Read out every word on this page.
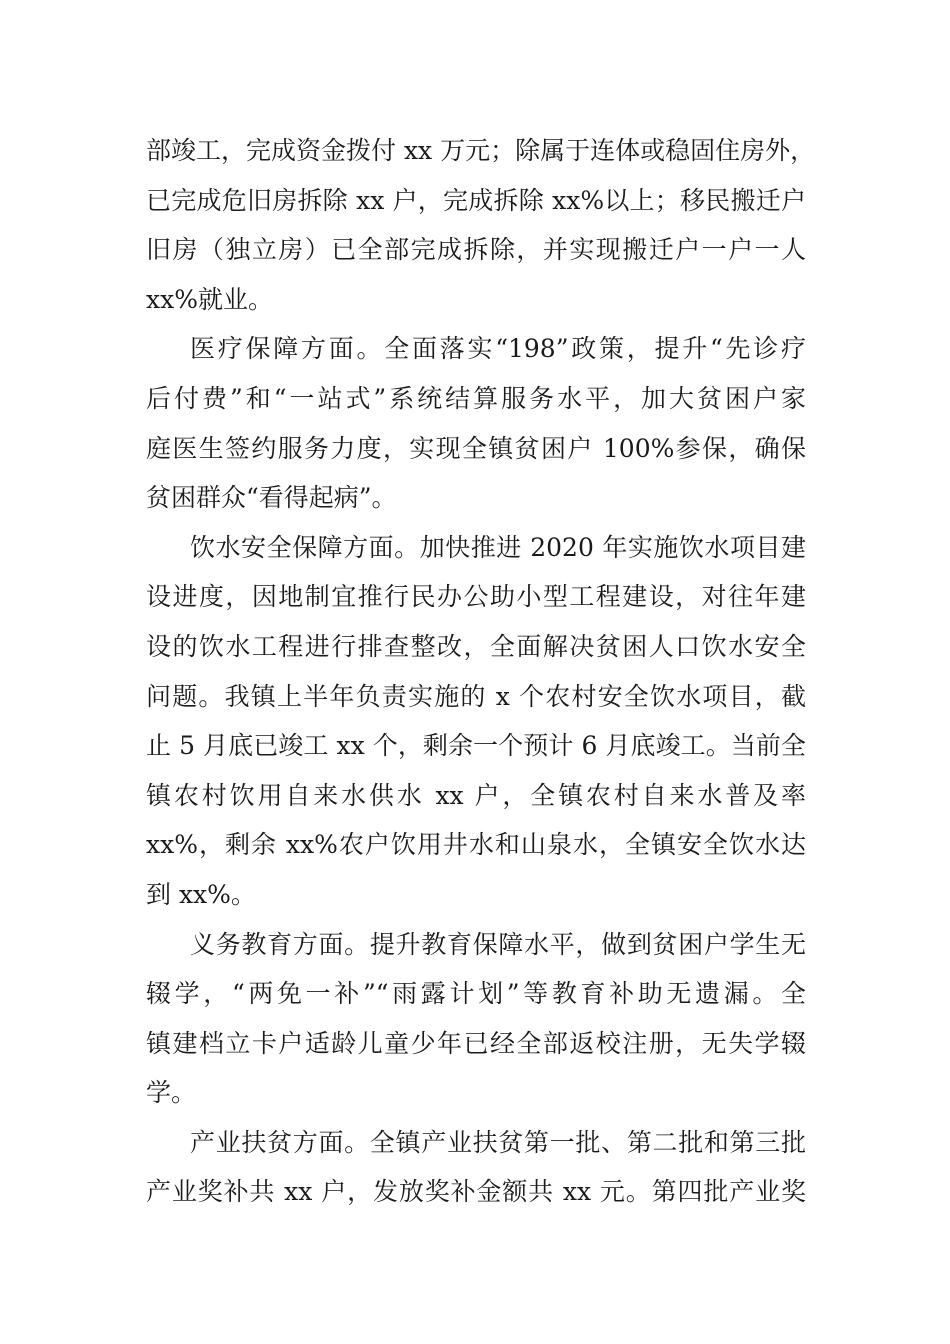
部竣工，完成资金拨付 xx 万元；除属于连体或稳固住房外，
已完成危旧房拆除 xx 户，完成拆除 xx%以上；移民搬迁户
旧房（独立房）已全部完成拆除，并实现搬迁户一户一人
xx%就业。
医疗保障方面。全面落实“198”政策，提升“先诊疗
后付费”和“一站式”系统结算服务水平，加大贫困户家
庭医生签约服务力度，实现全镇贫困户 100%参保，确保
贫困群众“看得起病”。
饮水安全保障方面。加快推进 2020 年实施饮水项目建
设进度，因地制宜推行民办公助小型工程建设，对往年建
设的饮水工程进行排查整改，全面解决贫困人口饮水安全
问题。我镇上半年负责实施的 x 个农村安全饮水项目，截
止 5 月底已竣工 xx 个，剩余一个预计 6 月底竣工。当前全
镇农村饮用自来水供水 xx 户，全镇农村自来水普及率
xx%，剩余 xx%农户饮用井水和山泉水，全镇安全饮水达
到 xx%。
义务教育方面。提升教育保障水平，做到贫困户学生无
辍学，“两免一补”“雨露计划”等教育补助无遗漏。全
镇建档立卡户适龄儿童少年已经全部返校注册，无失学辍
学。
产业扶贫方面。全镇产业扶贫第一批、第二批和第三批
产业奖补共 xx 户，发放奖补金额共 xx 元。第四批产业奖
